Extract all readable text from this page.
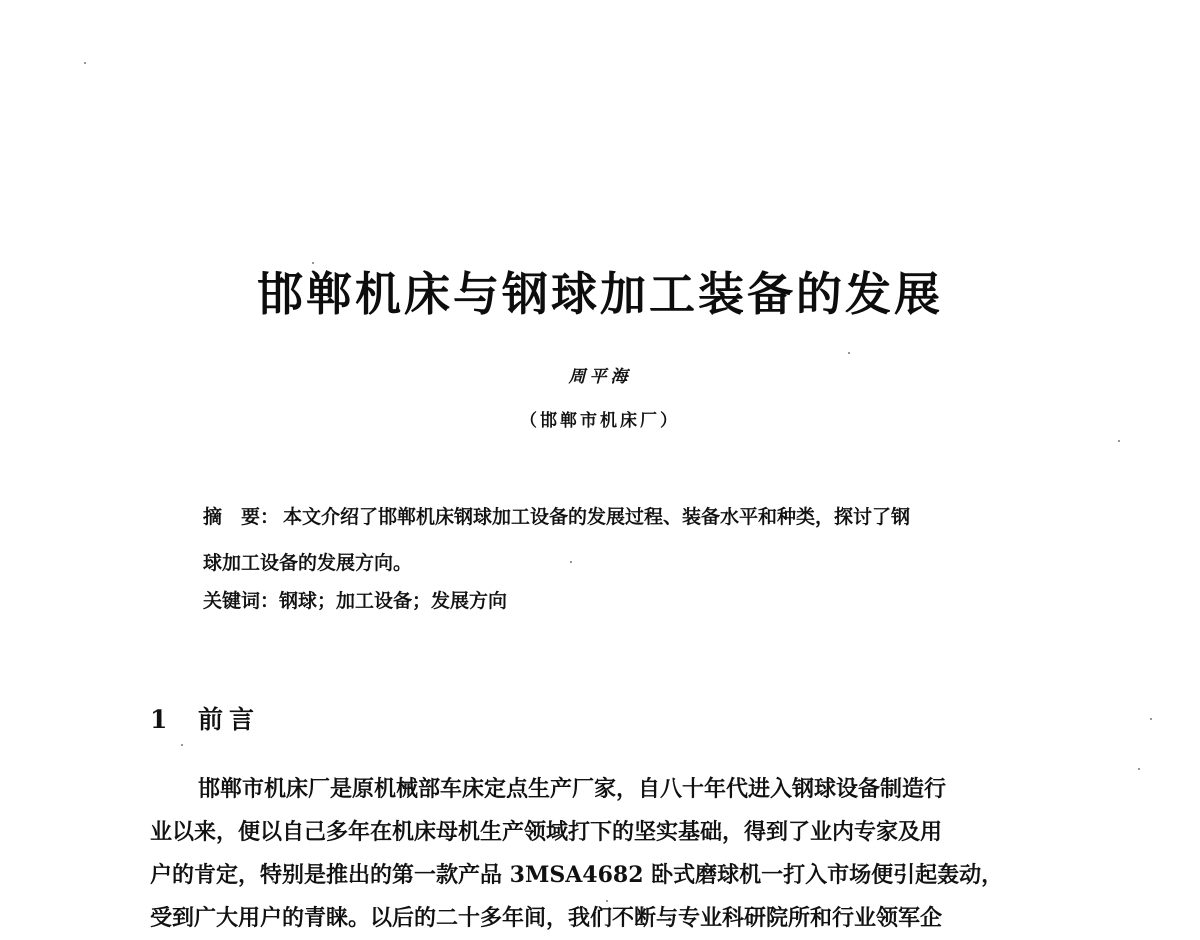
邯郸机床与钢球加工装备的发展
周平海
（邯郸市机床厂）
摘　要： 本文介绍了邯郸机床钢球加工设备的发展过程、装备水平和种类，探讨了钢
球加工设备的发展方向。
关键词：钢球；加工设备；发展方向
1 前言
邯郸市机床厂是原机械部车床定点生产厂家，自八十年代进入钢球设备制造行
业以来，便以自己多年在机床母机生产领域打下的坚实基础，得到了业内专家及用
户的肯定，特别是推出的第一款产品 3MSA4682 卧式磨球机一打入市场便引起轰动，
受到广大用户的青睐。以后的二十多年间，我们不断与专业科研院所和行业领军企
